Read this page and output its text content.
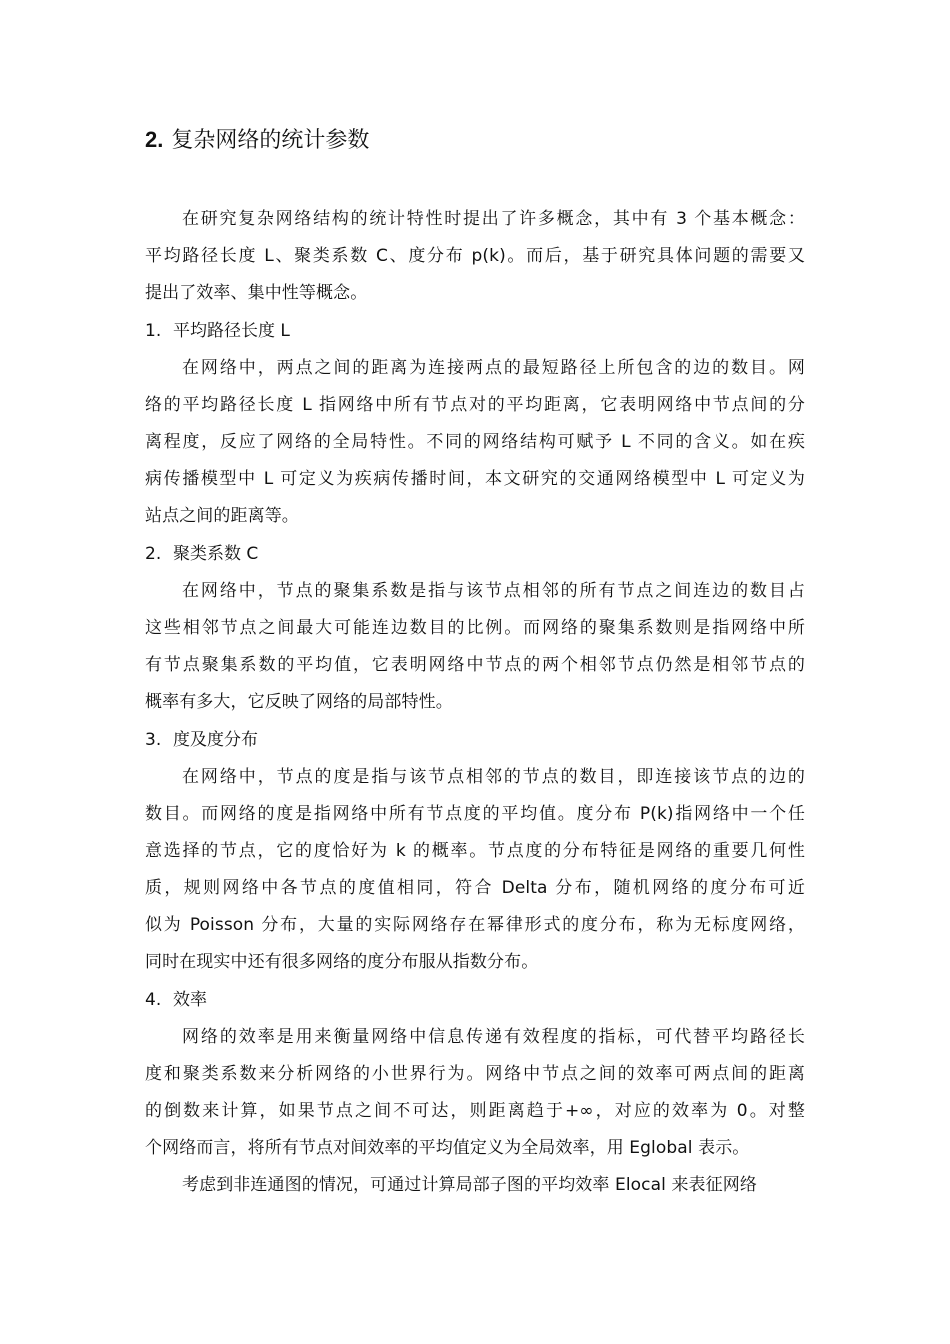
2. 复杂网络的统计参数
在研究复杂网络结构的统计特性时提出了许多概念，其中有 3 个基本概念：
平均路径长度 L、聚类系数 C、度分布 p(k)。而后，基于研究具体问题的需要又
提出了效率、集中性等概念。
1. 平均路径长度 L
在网络中，两点之间的距离为连接两点的最短路径上所包含的边的数目。网
络的平均路径长度 L 指网络中所有节点对的平均距离，它表明网络中节点间的分
离程度，反应了网络的全局特性。不同的网络结构可赋予 L 不同的含义。如在疾
病传播模型中 L 可定义为疾病传播时间，本文研究的交通网络模型中 L 可定义为
站点之间的距离等。
2. 聚类系数 C
在网络中，节点的聚集系数是指与该节点相邻的所有节点之间连边的数目占
这些相邻节点之间最大可能连边数目的比例。而网络的聚集系数则是指网络中所
有节点聚集系数的平均值，它表明网络中节点的两个相邻节点仍然是相邻节点的
概率有多大，它反映了网络的局部特性。
3. 度及度分布
在网络中，节点的度是指与该节点相邻的节点的数目，即连接该节点的边的
数目。而网络的度是指网络中所有节点度的平均值。度分布 P(k)指网络中一个任
意选择的节点，它的度恰好为 k 的概率。节点度的分布特征是网络的重要几何性
质，规则网络中各节点的度值相同，符合 Delta 分布，随机网络的度分布可近
似为 Poisson 分布，大量的实际网络存在幂律形式的度分布，称为无标度网络，
同时在现实中还有很多网络的度分布服从指数分布。
4. 效率
网络的效率是用来衡量网络中信息传递有效程度的指标，可代替平均路径长
度和聚类系数来分析网络的小世界行为。网络中节点之间的效率可两点间的距离
的倒数来计算，如果节点之间不可达，则距离趋于+∞，对应的效率为 0。对整
个网络而言，将所有节点对间效率的平均值定义为全局效率，用 Eglobal 表示。
考虑到非连通图的情况，可通过计算局部子图的平均效率 Elocal 来表征网络
